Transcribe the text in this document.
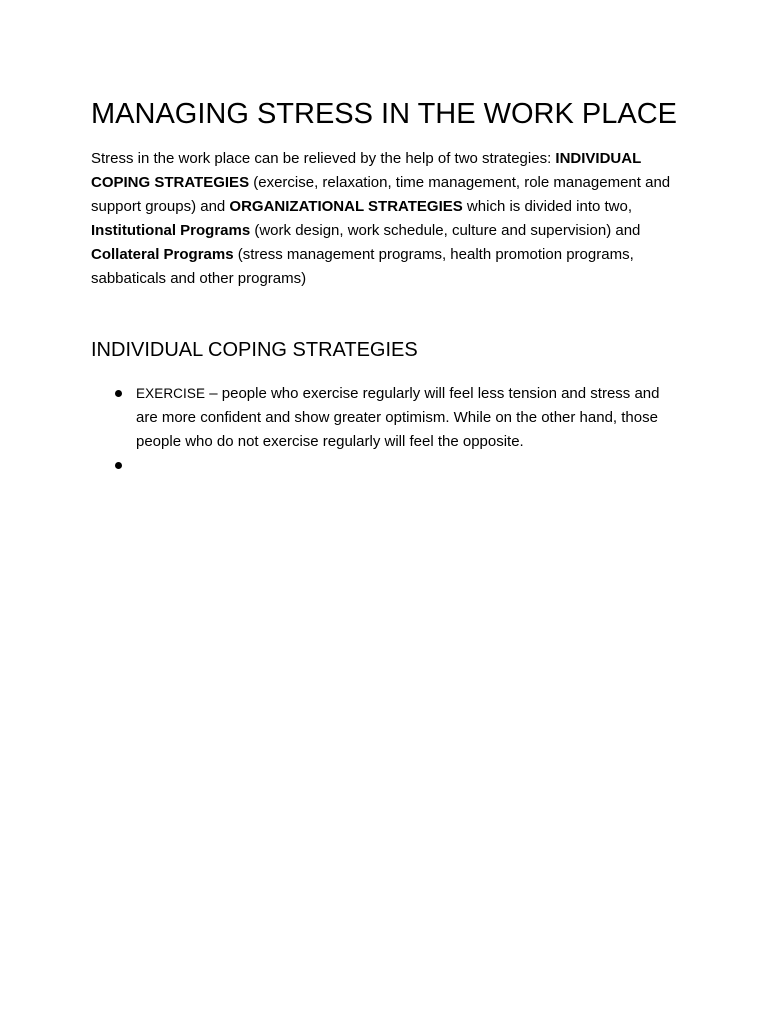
MANAGING STRESS IN THE WORK PLACE

Stress in the work place can be relieved by the help of two strategies: INDIVIDUAL COPING STRATEGIES (exercise, relaxation, time management, role management and support groups) and ORGANIZATIONAL STRATEGIES which is divided into two, Institutional Programs (work design, work schedule, culture and supervision) and Collateral Programs (stress management programs, health promotion programs, sabbaticals and other programs)

INDIVIDUAL COPING STRATEGIES
EXERCISE – people who exercise regularly will feel less tension and stress and are more confident and show greater optimism. While on the other hand, those people who do not exercise regularly will feel the opposite.
